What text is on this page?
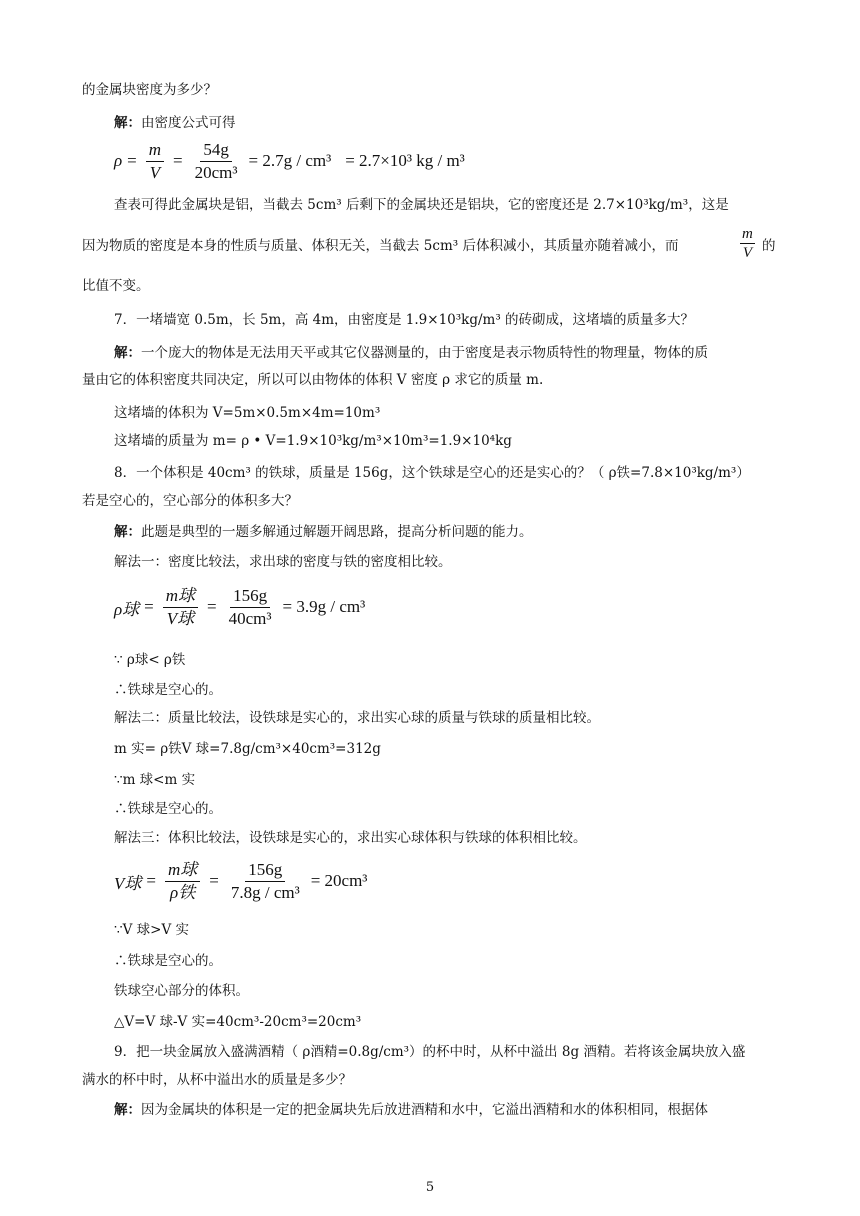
的金属块密度为多少？
解：由密度公式可得
$\rho = \frac{m}{V} = \frac{54g}{\text{20cm³}} = 2.7g / cm^3 = 2.7\times 10^3$ kg / m³
查表可得此金属块是铝，当截去 5cm³ 后剩下的金属块还是铝块，它的密度还是 2.7×10³kg/m³，这是
因为物质的密度是本身的性质与质量、体积无关，当截去 5cm³ 后体积减小，其质量亦随着减小，而	$\frac{m}{V}$ 的
比值不变。
7．一堵墙宽 0.5m，长 5m，高 4m，由密度是 1.9×10³kg/m³ 的砖砌成，这堵墙的质量多大？
解：一个庞大的物体是无法用天平或其它仪器测量的，由于密度是表示物质特性的物理量，物体的质
量由它的体积密度共同决定，所以可以由物体的体积 V 密度 ρ 求它的质量 m.
这堵墙的体积为 V=5m×0.5m×4m=10m³
这堵墙的质量为 m= ρ • V=1.9×10³kg/m³×10m³=1.9×10⁴kg
8．一个体积是 40cm³ 的铁球，质量是 156g，这个铁球是空心的还是实心的？（ ρ铁=7.8×10³kg/m³）
若是空心的，空心部分的体积多大？
解：此题是典型的一题多解通过解题开阔思路，提高分析问题的能力。
解法一：密度比较法，求出球的密度与铁的密度相比较。
ρ球 = $\frac{\text{m球}}{\text{V球}} = \frac{156g}{\text{40cm³}} = 3.9g / cm^3$
∵ ρ球< ρ铁
∴铁球是空心的。
解法二：质量比较法，设铁球是实心的，求出实心球的质量与铁球的质量相比较。
m 实= ρ铁V 球=7.8g/cm³×40cm³=312g
∵m 球<m 实
∴铁球是空心的。
解法三：体积比较法，设铁球是实心的，求出实心球体积与铁球的体积相比较。
V球 = $\frac{\text{m球}}{\text{ρ铁}} = \frac{156g}{\text{7.8g / cm³}} = 20cm^3$
∵V 球>V 实
∴铁球是空心的。
铁球空心部分的体积。
△V=V 球-V 实=40cm³-20cm³=20cm³
9．把一块金属放入盛满酒精（ ρ酒精=0.8g/cm³）的杯中时，从杯中溢出 8g 酒精。若将该金属块放入盛
满水的杯中时，从杯中溢出水的质量是多少？
解：因为金属块的体积是一定的把金属块先后放进酒精和水中，它溢出酒精和水的体积相同，根据体
5
